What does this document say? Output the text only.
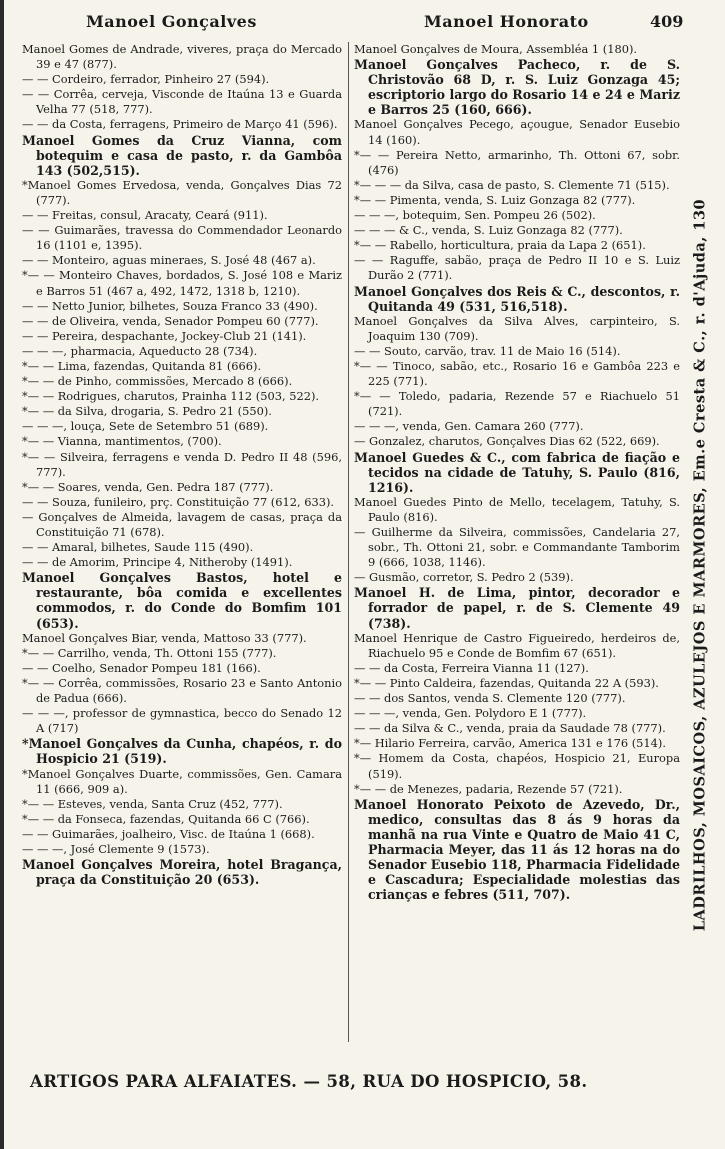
Manoel Gonçalves	Manoel Honorato	409

Manoel Gomes de Andrade, viveres, praça do Mercado 39 e 47 (877).

— — Cordeiro, ferrador, Pinheiro 27 (594).

— — Corrêa, cerveja, Visconde de Itaúna 13 e Guarda Velha 77 (518, 777).

— — da Costa, ferragens, Primeiro de Março 41 (596).

Manoel Gomes da Cruz Vianna, com botequim e casa de pasto, r. da Gambôa 143 (502,515).

*Manoel Gomes Ervedosa, venda, Gonçalves Dias 72 (777).

— — Freitas, consul, Aracaty, Ceará (911).

— — Guimarães, travessa do Commendador Leonardo 16 (1101 e, 1395).

— — Monteiro, aguas mineraes, S. José 48 (467 a).

*— — Monteiro Chaves, bordados, S. José 108 e Mariz e Barros 51 (467 a, 492, 1472, 1318 b, 1210).

— — Netto Junior, bilhetes, Souza Franco 33 (490).

— — de Oliveira, venda, Senador Pompeu 60 (777).

— — Pereira, despachante, Jockey-Club 21 (141).

— — —, pharmacia, Aqueducto 28 (734).

*— — Lima, fazendas, Quitanda 81 (666).

*— — de Pinho, commissões, Mercado 8 (666).

*— — Rodrigues, charutos, Prainha 112 (503, 522).

*— — da Silva, drogaria, S. Pedro 21 (550).

— — —, louça, Sete de Setembro 51 (689).

*— — Vianna, mantimentos, (700).

*— — Silveira, ferragens e venda D. Pedro II 48 (596, 777).

*— — Soares, venda, Gen. Pedra 187 (777).

— — Souza, funileiro, prç. Constituição 77 (612, 633).

— Gonçalves de Almeida, lavagem de casas, praça da Constituição 71 (678).

— — Amaral, bilhetes, Saude 115 (490).

— — de Amorim, Principe 4, Nitheroby (1491).

Manoel Gonçalves Bastos, hotel e restaurante, bôa comida e excellentes commodos, r. do Conde do Bomfim 101 (653).

Manoel Gonçalves Biar, venda, Mattoso 33 (777).

*— — Carrilho, venda, Th. Ottoni 155 (777).

— — Coelho, Senador Pompeu 181 (166).

*— — Corrêa, commissões, Rosario 23 e Santo Antonio de Padua (666).

— — —, professor de gymnastica, becco do Senado 12 A (717)

*Manoel Gonçalves da Cunha, chapéos, r. do Hospicio 21 (519).

*Manoel Gonçalves Duarte, commissões, Gen. Camara 11 (666, 909 a).

*— — Esteves, venda, Santa Cruz (452, 777).

*— — da Fonseca, fazendas, Quitanda 66 C (766).

— — Guimarães, joalheiro, Visc. de Itaúna 1 (668).

— — —, José Clemente 9 (1573).

Manoel Gonçalves Moreira, hotel Bragança, praça da Constituição 20 (653).

Manoel Gonçalves de Moura, Assembléa 1 (180).

Manoel Gonçalves Pacheco, r. de S. Christovão 68 D, r. S. Luiz Gonzaga 45; escriptorio largo do Rosario 14 e 24 e Mariz e Barros 25 (160, 666).

Manoel Gonçalves Pecego, açougue, Senador Eusebio 14 (160).

*— — Pereira Netto, armarinho, Th. Ottoni 67, sobr. (476)

*— — — da Silva, casa de pasto, S. Clemente 71 (515).

*— — Pimenta, venda, S. Luiz Gonzaga 82 (777).

— — —, botequim, Sen. Pompeu 26 (502).

— — — & C., venda, S. Luiz Gonzaga 82 (777).

*— — Rabello, horticultura, praia da Lapa 2 (651).

— — Raguffe, sabão, praça de Pedro II 10 e S. Luiz Durão 2 (771).

Manoel Gonçalves dos Reis & C., descontos, r. Quitanda 49 (531, 516,518).

Manoel Gonçalves da Silva Alves, carpinteiro, S. Joaquim 130 (709).

— — Souto, carvão, trav. 11 de Maio 16 (514).

*— — Tinoco, sabão, etc., Rosario 16 e Gambôa 223 e 225 (771).

*— — Toledo, padaria, Rezende 57 e Riachuelo 51 (721).

— — —, venda, Gen. Camara 260 (777).

— Gonzalez, charutos, Gonçalves Dias 62 (522, 669).

Manoel Guedes & C., com fabrica de fiação e tecidos na cidade de Tatuhy, S. Paulo (816, 1216).

Manoel Guedes Pinto de Mello, tecelagem, Tatuhy, S. Paulo (816).

— Guilherme da Silveira, commissões, Candelaria 27, sobr., Th. Ottoni 21, sobr. e Commandante Tamborim 9 (666, 1038, 1146).

— Gusmão, corretor, S. Pedro 2 (539).

Manoel H. de Lima, pintor, decorador e forrador de papel, r. de S. Clemente 49 (738).

Manoel Henrique de Castro Figueiredo, herdeiros de, Riachuelo 95 e Conde de Bomfim 67 (651).

— — da Costa, Ferreira Vianna 11 (127).

*— — Pinto Caldeira, fazendas, Quitanda 22 A (593).

— — dos Santos, venda S. Clemente 120 (777).

— — —, venda, Gen. Polydoro E 1 (777).

— — da Silva & C., venda, praia da Saudade 78 (777).

*— Hilario Ferreira, carvão, America 131 e 176 (514).

*— Homem da Costa, chapéos, Hospicio 21, Europa (519).

*— — de Menezes, padaria, Rezende 57 (721).

Manoel Honorato Peixoto de Azevedo, Dr., medico, consultas das 8 ás 9 horas da manhã na rua Vinte e Quatro de Maio 41 C, Pharmacia Meyer, das 11 ás 12 horas na do Senador Eusebio 118, Pharmacia Fidelidade e Cascadura; Especialidade molestias das crianças e febres (511, 707).	LADRILHOS, MOSAICOS, AZULEJOS E MARMORES, Em.e Cresta & C., r. d'Ajuda, 130
ARTIGOS PARA ALFAIATES. — 58, RUA DO HOSPICIO, 58.
